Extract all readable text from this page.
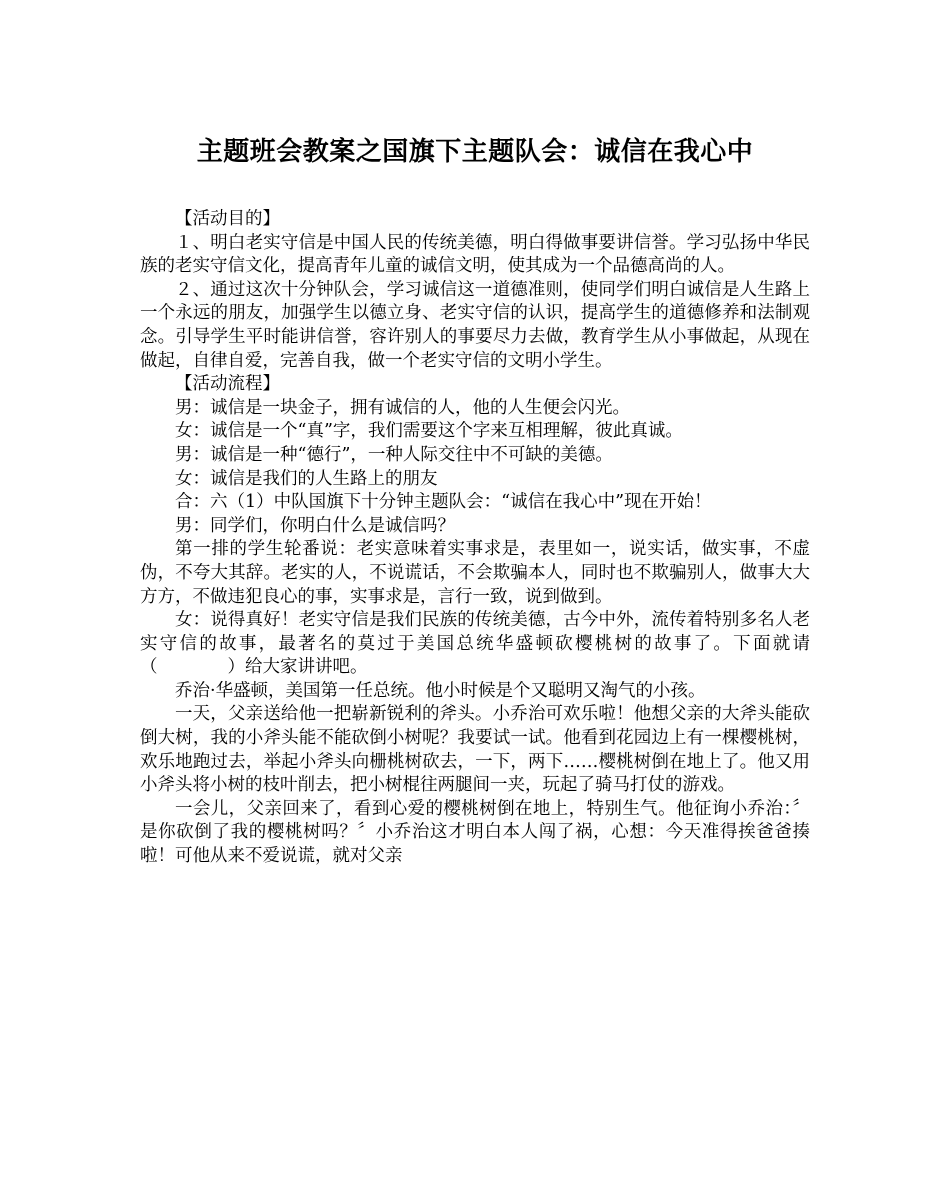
主题班会教案之国旗下主题队会：诚信在我心中

【活动目的】

１、明白老实守信是中国人民的传统美德，明白得做事要讲信誉。学习弘扬中华民族的老实守信文化，提高青年儿童的诚信文明，使其成为一个品德高尚的人。

２、通过这次十分钟队会，学习诚信这一道德准则，使同学们明白诚信是人生路上一个永远的朋友，加强学生以德立身、老实守信的认识，提高学生的道德修养和法制观念。引导学生平时能讲信誉，容许别人的事要尽力去做，教育学生从小事做起，从现在做起，自律自爱，完善自我，做一个老实守信的文明小学生。

【活动流程】

男：诚信是一块金子，拥有诚信的人，他的人生便会闪光。

女：诚信是一个“真”字，我们需要这个字来互相理解，彼此真诚。

男：诚信是一种“德行”，一种人际交往中不可缺的美德。

女：诚信是我们的人生路上的朋友

合：六（1）中队国旗下十分钟主题队会：“诚信在我心中”现在开始！

男：同学们，你明白什么是诚信吗？

第一排的学生轮番说：老实意味着实事求是，表里如一，说实话，做实事，不虚伪，不夸大其辞。老实的人，不说谎话，不会欺骗本人，同时也不欺骗别人，做事大大方方，不做违犯良心的事，实事求是，言行一致，说到做到。

女：说得真好！老实守信是我们民族的传统美德，古今中外，流传着特别多名人老实守信的故事，最著名的莫过于美国总统华盛顿砍樱桃树的故事了。下面就请（　　　　）给大家讲讲吧。

乔治·华盛顿，美国第一任总统。他小时候是个又聪明又淘气的小孩。

一天，父亲送给他一把崭新锐利的斧头。小乔治可欢乐啦！他想父亲的大斧头能砍倒大树，我的小斧头能不能砍倒小树呢？我要试一试。他看到花园边上有一棵樱桃树，欢乐地跑过去，举起小斧头向栅桃树砍去，一下，两下……樱桃树倒在地上了。他又用小斧头将小树的枝叶削去，把小树棍往两腿间一夹，玩起了骑马打仗的游戏。

一会儿，父亲回来了，看到心爱的樱桃树倒在地上，特别生气。他征询小乔治：〞是你砍倒了我的樱桃树吗？〞小乔治这才明白本人闯了祸，心想：今天准得挨爸爸揍啦！可他从来不爱说谎，就对父亲
